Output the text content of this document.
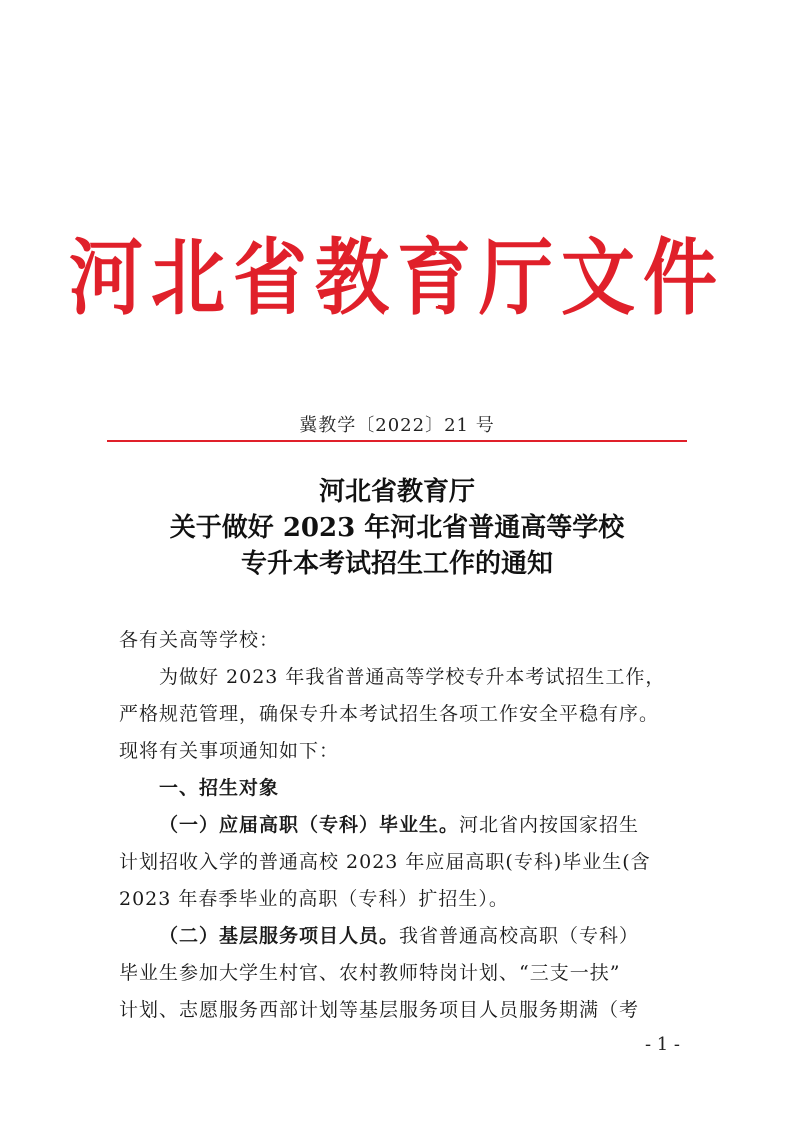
河北省教育厅文件
冀教学〔2022〕21 号
河北省教育厅
关于做好 2023 年河北省普通高等学校
专升本考试招生工作的通知
各有关高等学校：
为做好 2023 年我省普通高等学校专升本考试招生工作，
严格规范管理，确保专升本考试招生各项工作安全平稳有序。
现将有关事项通知如下：
一、招生对象
（一）应届高职（专科）毕业生。河北省内按国家招生
计划招收入学的普通高校 2023 年应届高职(专科)毕业生(含
2023 年春季毕业的高职（专科）扩招生）。
（二）基层服务项目人员。我省普通高校高职（专科）
毕业生参加大学生村官、农村教师特岗计划、“三支一扶”
计划、志愿服务西部计划等基层服务项目人员服务期满（考
- 1 -
